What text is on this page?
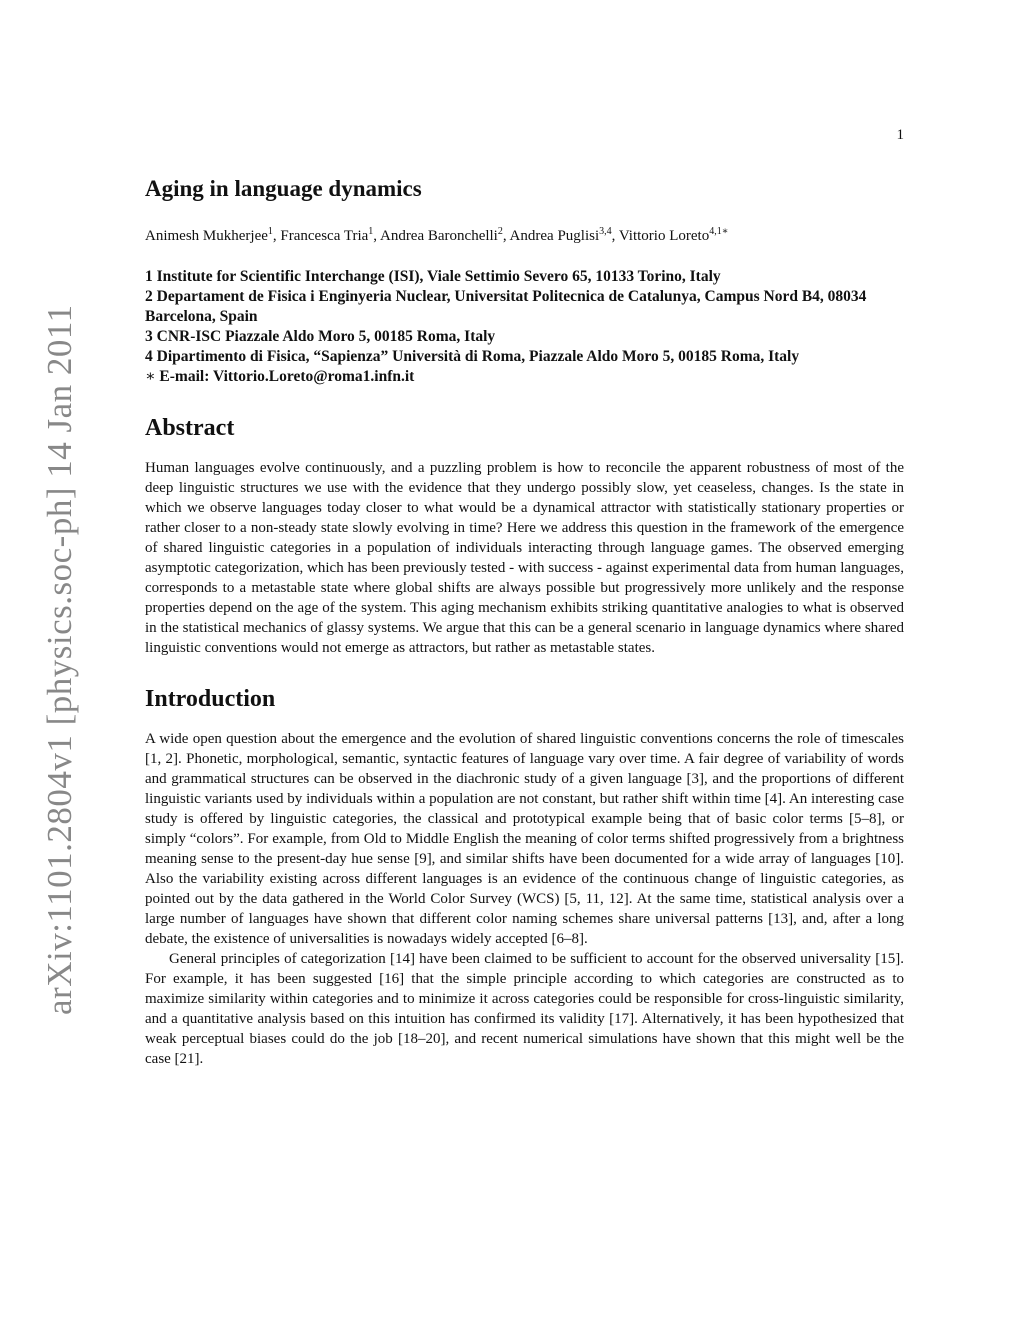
1
arXiv:1101.2804v1 [physics.soc-ph] 14 Jan 2011
Aging in language dynamics
Animesh Mukherjee$^1$, Francesca Tria$^1$, Andrea Baronchelli$^2$, Andrea Puglisi$^{3,4}$, Vittorio Loreto$^{4,1∗}$
1 Institute for Scientific Interchange (ISI), Viale Settimio Severo 65, 10133 Torino, Italy
2 Departament de Fisica i Enginyeria Nuclear, Universitat Politecnica de Catalunya, Campus Nord B4, 08034 Barcelona, Spain
3 CNR-ISC Piazzale Aldo Moro 5, 00185 Roma, Italy
4 Dipartimento di Fisica, “Sapienza” Università di Roma, Piazzale Aldo Moro 5, 00185 Roma, Italy
∗ E-mail: Vittorio.Loreto@roma1.infn.it
Abstract

Human languages evolve continuously, and a puzzling problem is how to reconcile the apparent robustness of most of the deep linguistic structures we use with the evidence that they undergo possibly slow, yet ceaseless, changes. Is the state in which we observe languages today closer to what would be a dynamical attractor with statistically stationary properties or rather closer to a non-steady state slowly evolving in time? Here we address this question in the framework of the emergence of shared linguistic categories in a population of individuals interacting through language games. The observed emerging asymptotic categorization, which has been previously tested - with success - against experimental data from human languages, corresponds to a metastable state where global shifts are always possible but progressively more unlikely and the response properties depend on the age of the system. This aging mechanism exhibits striking quantitative analogies to what is observed in the statistical mechanics of glassy systems. We argue that this can be a general scenario in language dynamics where shared linguistic conventions would not emerge as attractors, but rather as metastable states.

Introduction

A wide open question about the emergence and the evolution of shared linguistic conventions concerns the role of timescales [1, 2]. Phonetic, morphological, semantic, syntactic features of language vary over time. A fair degree of variability of words and grammatical structures can be observed in the diachronic study of a given language [3], and the proportions of different linguistic variants used by individuals within a population are not constant, but rather shift within time [4]. An interesting case study is offered by linguistic categories, the classical and prototypical example being that of basic color terms [5–8], or simply “colors”. For example, from Old to Middle English the meaning of color terms shifted progressively from a brightness meaning sense to the present-day hue sense [9], and similar shifts have been documented for a wide array of languages [10]. Also the variability existing across different languages is an evidence of the continuous change of linguistic categories, as pointed out by the data gathered in the World Color Survey (WCS) [5, 11, 12]. At the same time, statistical analysis over a large number of languages have shown that different color naming schemes share universal patterns [13], and, after a long debate, the existence of universalities is nowadays widely accepted [6–8].

General principles of categorization [14] have been claimed to be sufficient to account for the observed universality [15]. For example, it has been suggested [16] that the simple principle according to which categories are constructed as to maximize similarity within categories and to minimize it across categories could be responsible for cross-linguistic similarity, and a quantitative analysis based on this intuition has confirmed its validity [17]. Alternatively, it has been hypothesized that weak perceptual biases could do the job [18–20], and recent numerical simulations have shown that this might well be the case [21].
